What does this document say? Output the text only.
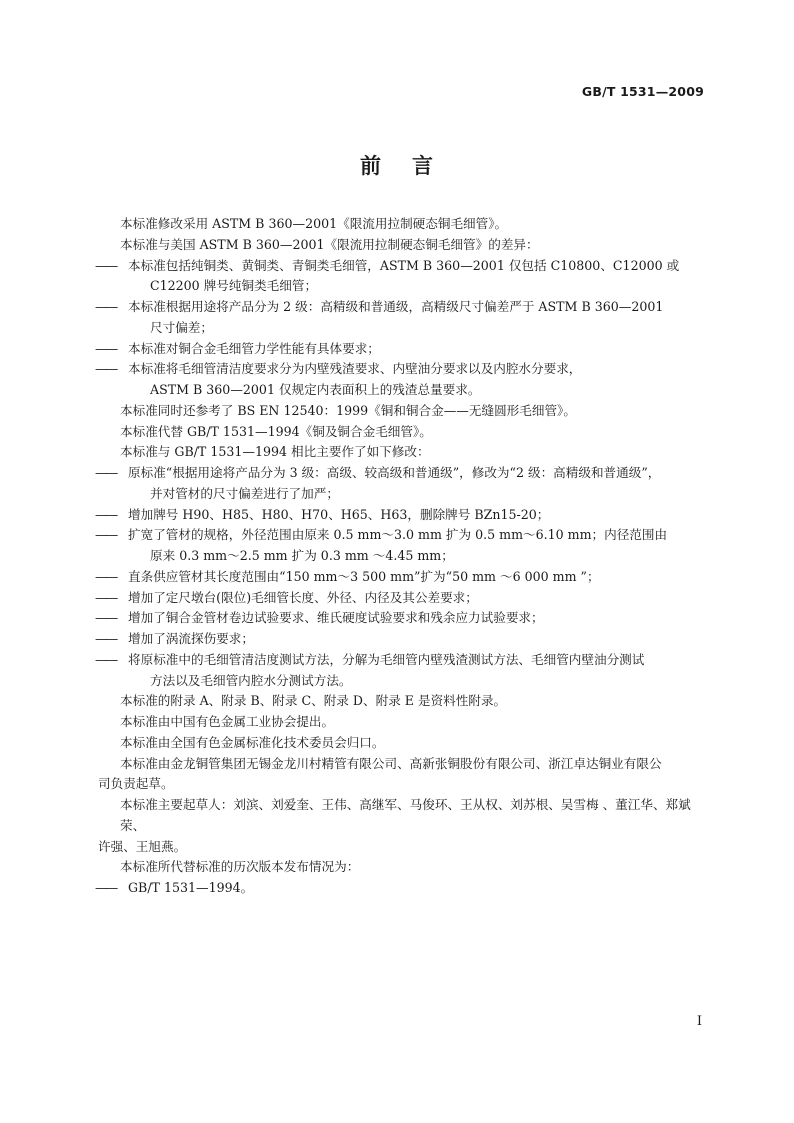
GB/T 1531—2009
前 言

本标准修改采用 ASTM B 360—2001《限流用拉制硬态铜毛细管》。

本标准与美国 ASTM B 360—2001《限流用拉制硬态铜毛细管》的差异：

—— 本标准包括纯铜类、黄铜类、青铜类毛细管，ASTM B 360—2001 仅包括 C10800、C12000 或

C12200 牌号纯铜类毛细管；

—— 本标准根据用途将产品分为 2 级：高精级和普通级，高精级尺寸偏差严于 ASTM B 360—2001

尺寸偏差；

—— 本标准对铜合金毛细管力学性能有具体要求；

—— 本标准将毛细管清洁度要求分为内壁残渣要求、内壁油分要求以及内腔水分要求，

ASTM B 360—2001 仅规定内表面积上的残渣总量要求。

本标准同时还参考了 BS EN 12540：1999《铜和铜合金——无缝圆形毛细管》。

本标准代替 GB/T 1531—1994《铜及铜合金毛细管》。

本标准与 GB/T 1531—1994 相比主要作了如下修改：

—— 原标准“根据用途将产品分为 3 级：高级、较高级和普通级”，修改为“2 级：高精级和普通级”，

并对管材的尺寸偏差进行了加严；

—— 增加牌号 H90、H85、H80、H70、H65、H63，删除牌号 BZn15-20；

—— 扩宽了管材的规格，外径范围由原来 0.5 mm～3.0 mm 扩为 0.5 mm～6.10 mm；内径范围由

原来 0.3 mm～2.5 mm 扩为 0.3 mm ～4.45 mm；

—— 直条供应管材其长度范围由“150 mm～3 500 mm”扩为“50 mm ～6 000 mm ”；

—— 增加了定尺墩台(限位)毛细管长度、外径、内径及其公差要求；

—— 增加了铜合金管材卷边试验要求、维氏硬度试验要求和残余应力试验要求；

—— 增加了涡流探伤要求；

—— 将原标准中的毛细管清洁度测试方法，分解为毛细管内壁残渣测试方法、毛细管内壁油分测试

方法以及毛细管内腔水分测试方法。

本标准的附录 A、附录 B、附录 C、附录 D、附录 E 是资料性附录。

本标准由中国有色金属工业协会提出。

本标准由全国有色金属标准化技术委员会归口。

本标准由金龙铜管集团无锡金龙川村精管有限公司、高新张铜股份有限公司、浙江卓达铜业有限公

司负责起草。

本标准主要起草人：刘滨、刘爱奎、王伟、高继军、马俊环、王从权、刘苏根、吴雪梅 、董江华、郑斌荣、

许强、王旭燕。

本标准所代替标准的历次版本发布情况为：

—— GB/T 1531—1994。

I
